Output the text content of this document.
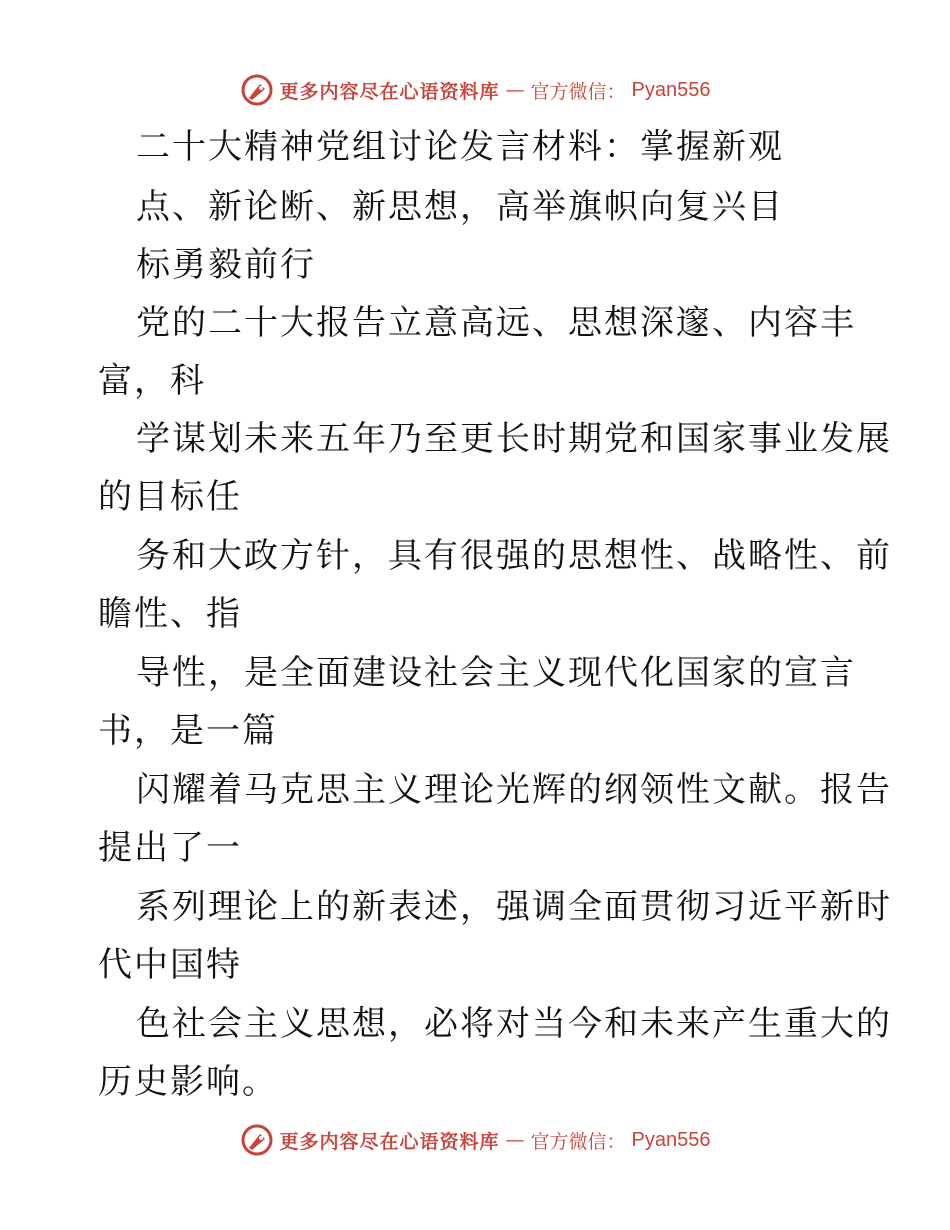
更多内容尽在心语资料库 — 官方微信： Pyan556
二十大精神党组讨论发言材料：掌握新观
点、新论断、新思想，高举旗帜向复兴目
标勇毅前行
党的二十大报告立意高远、思想深邃、内容丰
富，科
学谋划未来五年乃至更长时期党和国家事业发展
的目标任
务和大政方针，具有很强的思想性、战略性、前
瞻性、指
导性，是全面建设社会主义现代化国家的宣言
书，是一篇
闪耀着马克思主义理论光辉的纲领性文献。报告
提出了一
系列理论上的新表述，强调全面贯彻习近平新时
代中国特
色社会主义思想，必将对当今和未来产生重大的
历史影响。
更多内容尽在心语资料库 — 官方微信： Pyan556
